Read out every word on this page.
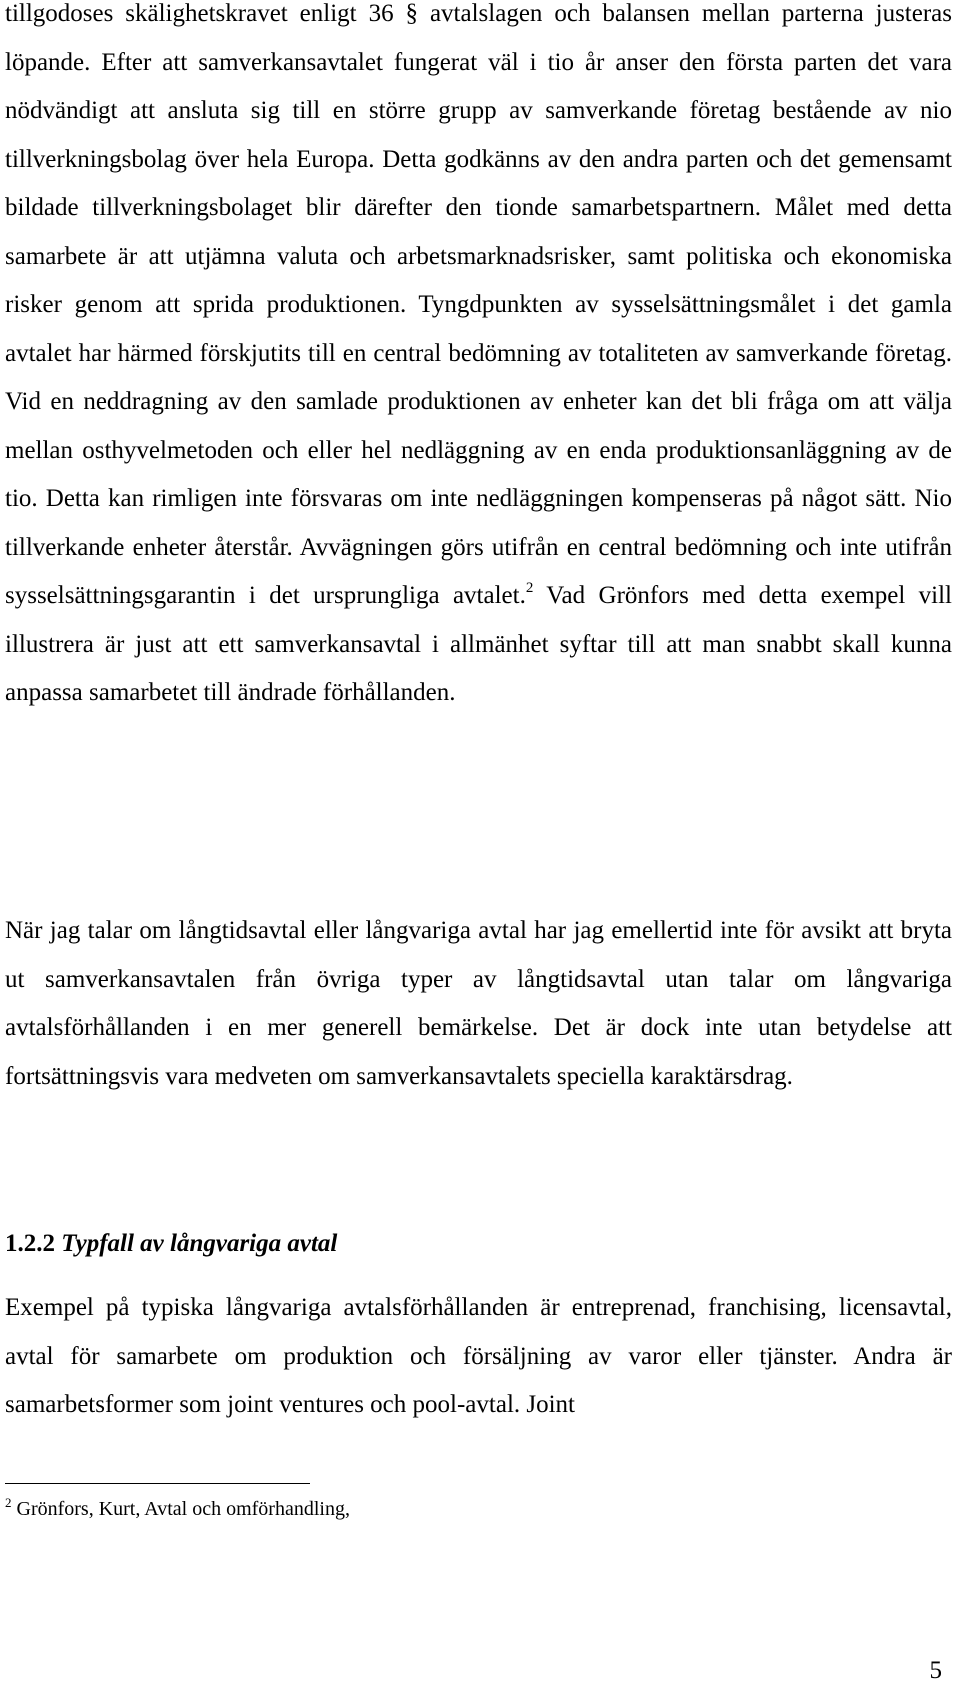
tillgodoses skälighetskravet enligt 36 § avtalslagen och balansen mellan parterna justeras löpande. Efter att samverkansavtalet fungerat väl i tio år anser den första parten det vara nödvändigt att ansluta sig till en större grupp av samverkande företag bestående av nio tillverkningsbolag över hela Europa. Detta godkänns av den andra parten och det gemensamt bildade tillverkningsbolaget blir därefter den tionde samarbetspartnern. Målet med detta samarbete är att utjämna valuta och arbetsmarknadsrisker, samt politiska och ekonomiska risker genom att sprida produktionen. Tyngdpunkten av sysselsättningsmålet i det gamla avtalet har härmed förskjutits till en central bedömning av totaliteten av samverkande företag. Vid en neddragning av den samlade produktionen av enheter kan det bli fråga om att välja mellan osthyvelmetoden och eller hel nedläggning av en enda produktionsanläggning av de tio. Detta kan rimligen inte försvaras om inte nedläggningen kompenseras på något sätt. Nio tillverkande enheter återstår. Avvägningen görs utifrån en central bedömning och inte utifrån sysselsättningsgarantin i det ursprungliga avtalet.$^2$ Vad Grönfors med detta exempel vill illustrera är just att ett samverkansavtal i allmänhet syftar till att man snabbt skall kunna anpassa samarbetet till ändrade förhållanden.

När jag talar om långtidsavtal eller långvariga avtal har jag emellertid inte för avsikt att bryta ut samverkansavtalen från övriga typer av långtidsavtal utan talar om långvariga avtalsförhållanden i en mer generell bemärkelse. Det är dock inte utan betydelse att fortsättningsvis vara medveten om samverkansavtalets speciella karaktärsdrag.

1.2.2 Typfall av långvariga avtal

Exempel på typiska långvariga avtalsförhållanden är entreprenad, franchising, licensavtal, avtal för samarbete om produktion och försäljning av varor eller tjänster. Andra är samarbetsformer som joint ventures och pool-avtal. Joint

$^2$ Grönfors, Kurt, Avtal och omförhandling,

5
